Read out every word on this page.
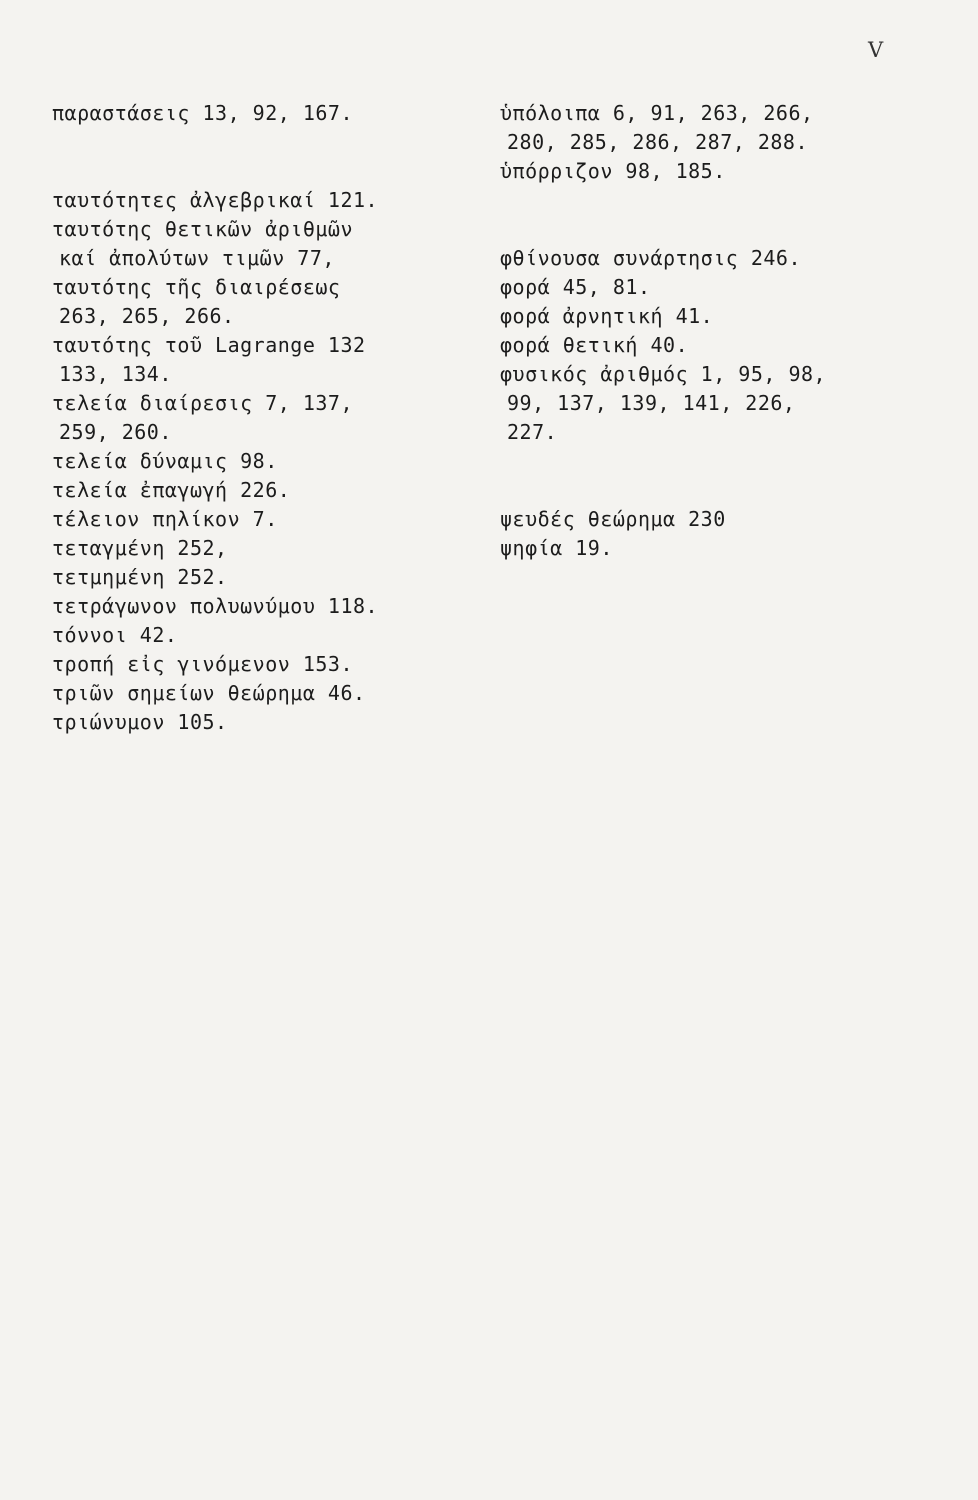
V
παραστάσεις 13, 92, 167.
ταυτότητες ἀλγεβρικαί 121.
ταυτότης θετικῶν ἀριθμῶν
καί ἀπολύτων τιμῶν 77,
ταυτότης τῆς διαιρέσεως
263, 265, 266.
ταυτότης τοῦ Lagrange 132
133, 134.
τελεία διαίρεσις 7, 137,
259, 260.
τελεία δύναμις 98.
τελεία ἐπαγωγή 226.
τέλειον πηλίκον 7.
τεταγμένη 252,
τετμημένη 252.
τετράγωνον πολυωνύμου 118.
τόννοι 42.
τροπή εἰς γινόμενον 153.
τριῶν σημείων θεώρημα 46.
τριώνυμον 105.
ὑπόλοιπα 6, 91, 263, 266,
280, 285, 286, 287, 288.
ὑπόρριζον 98, 185.
φθίνουσα συνάρτησις 246.
φορά 45, 81.
φορά ἀρνητική 41.
φορά θετική 40.
φυσικός ἀριθμός 1, 95, 98,
99, 137, 139, 141, 226,
227.
ψευδές θεώρημα 230
ψηφία 19.
